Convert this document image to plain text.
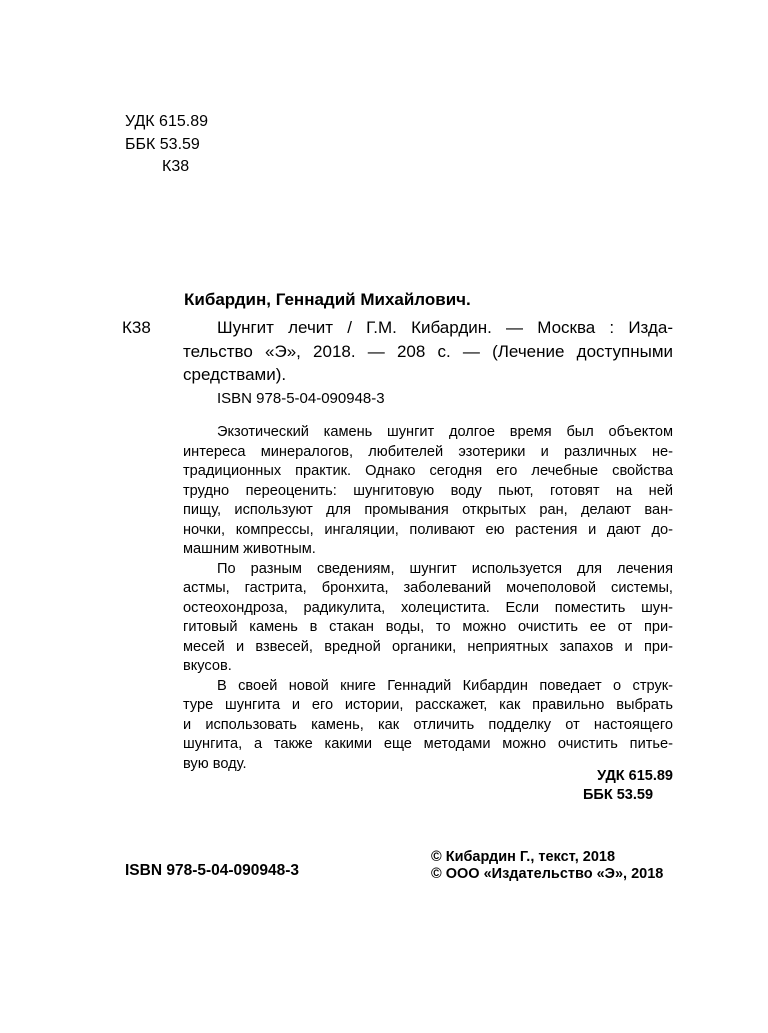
УДК 615.89
ББК 53.59
К38
Кибардин, Геннадий Михайлович.
К38	Шунгит лечит / Г.М. Кибардин. — Москва : Изда-
тельство «Э», 2018. — 208 с. — (Лечение доступными
средствами).
ISBN 978-5-04-090948-3
Экзотический камень шунгит долгое время был объектом
интереса минералогов, любителей эзотерики и различных не-
традиционных практик. Однако сегодня его лечебные свойства
трудно переоценить: шунгитовую воду пьют, готовят на ней
пищу, используют для промывания открытых ран, делают ван-
ночки, компрессы, ингаляции, поливают ею растения и дают до-
машним животным.
По разным сведениям, шунгит используется для лечения
астмы, гастрита, бронхита, заболеваний мочеполовой системы,
остеохондроза, радикулита, холецистита. Если поместить шун-
гитовый камень в стакан воды, то можно очистить ее от при-
месей и взвесей, вредной органики, неприятных запахов и при-
вкусов.
В своей новой книге Геннадий Кибардин поведает о струк-
туре шунгита и его истории, расскажет, как правильно выбрать
и использовать камень, как отличить подделку от настоящего
шунгита, а также какими еще методами можно очистить питье-
вую воду.
УДК 615.89
ББК 53.59
ISBN 978-5-04-090948-3
© Кибардин Г., текст, 2018
© ООО «Издательство «Э», 2018
